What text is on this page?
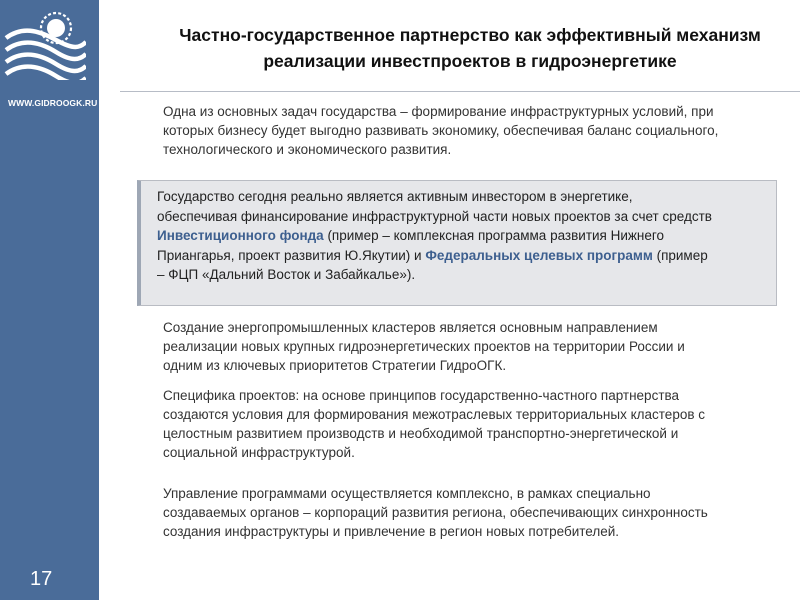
WWW.GIDROOGK.RU
17
Частно-государственное партнерство как эффективный механизм
реализации инвестпроектов в гидроэнергетике
Одна из основных задач государства – формирование инфраструктурных условий, при
которых бизнесу будет выгодно развивать экономику, обеспечивая баланс социального,
технологического и экономического развития.
Государство сегодня реально является активным инвестором в энергетике,
обеспечивая финансирование инфраструктурной части новых проектов за счет средств
Инвестиционного фонда (пример – комплексная программа развития Нижнего
Приангарья, проект развития Ю.Якутии) и Федеральных целевых программ (пример
– ФЦП «Дальний Восток и Забайкалье»).
Создание энергопромышленных кластеров является основным направлением
реализации новых крупных гидроэнергетических проектов на территории России и
одним из ключевых приоритетов Стратегии ГидроОГК.
Специфика проектов: на основе принципов государственно-частного партнерства
создаются условия для формирования межотраслевых территориальных кластеров с
целостным развитием производств и необходимой транспортно-энергетической и
социальной инфраструктурой.
Управление программами осуществляется комплексно, в рамках специально
создаваемых органов – корпораций развития региона, обеспечивающих синхронность
создания инфраструктуры и привлечение в регион новых потребителей.
